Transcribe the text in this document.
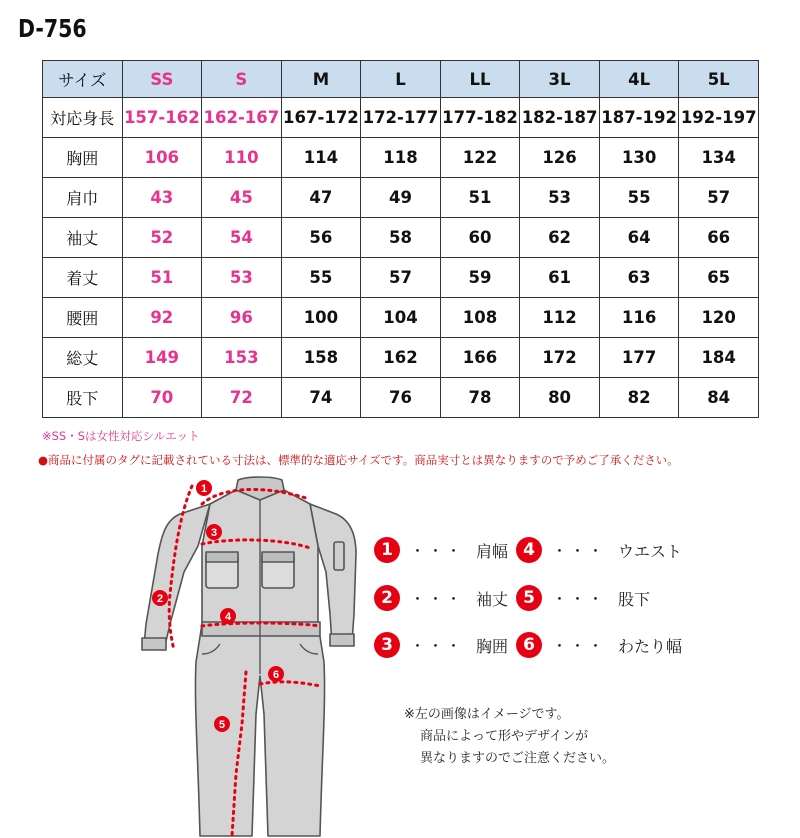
D-756
サイズ	SS	S	M	L	LL	3L	4L	5L
対応身長	157-162	162-167	167-172	172-177	177-182	182-187	187-192	192-197
胸囲	106	110	114	118	122	126	130	134
肩巾	43	45	47	49	51	53	55	57
袖丈	52	54	56	58	60	62	64	66
着丈	51	53	55	57	59	61	63	65
腰囲	92	96	100	104	108	112	116	120
総丈	149	153	158	162	166	172	177	184
股下	70	72	74	76	78	80	82	84
※SS・Sは女性対応シルエット
●商品に付属のタグに記載されている寸法は、標準的な適応サイズです。商品実寸とは異なりますので予めご了承ください。
1
2
3
4
5
6
1	・・・ 肩幅
2	・・・ 袖丈
3	・・・ 胸囲
4	・・・ ウエスト
5	・・・ 股下
6	・・・ わたり幅
※左の画像はイメージです。
商品によって形やデザインが
異なりますのでご注意ください。
